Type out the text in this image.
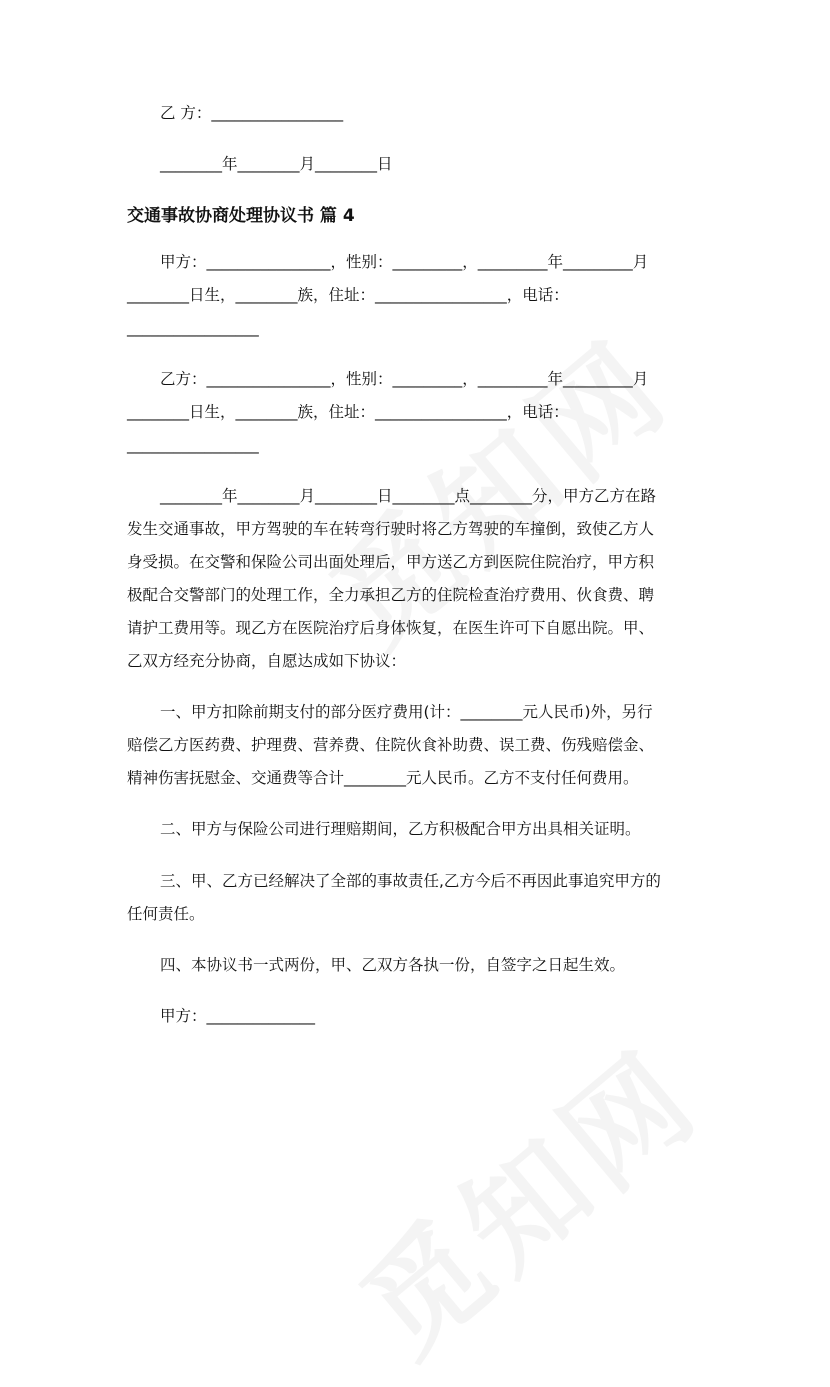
乙 方：_________________
________年________月________日
交通事故协商处理协议书 篇 4
甲方：________________，性别：_________，_________年_________月
________日生，________族，住址：_________________，电话：
_________________
乙方：________________，性别：_________，_________年_________月
________日生，________族，住址：_________________，电话：
_________________
________年________月________日________点________分，甲方乙方在路
发生交通事故，甲方驾驶的车在转弯行驶时将乙方驾驶的车撞倒，致使乙方人
身受损。在交警和保险公司出面处理后，甲方送乙方到医院住院治疗，甲方积
极配合交警部门的处理工作，全力承担乙方的住院检查治疗费用、伙食费、聘
请护工费用等。现乙方在医院治疗后身体恢复，在医生许可下自愿出院。甲、
乙双方经充分协商，自愿达成如下协议：
一、甲方扣除前期支付的部分医疗费用(计：________元人民币)外，另行
赔偿乙方医药费、护理费、营养费、住院伙食补助费、误工费、伤残赔偿金、
精神伤害抚慰金、交通费等合计________元人民币。乙方不支付任何费用。
二、甲方与保险公司进行理赔期间，乙方积极配合甲方出具相关证明。
三、甲、乙方已经解决了全部的事故责任,乙方今后不再因此事追究甲方的
任何责任。
四、本协议书一式两份，甲、乙双方各执一份，自签字之日起生效。
甲方：______________
